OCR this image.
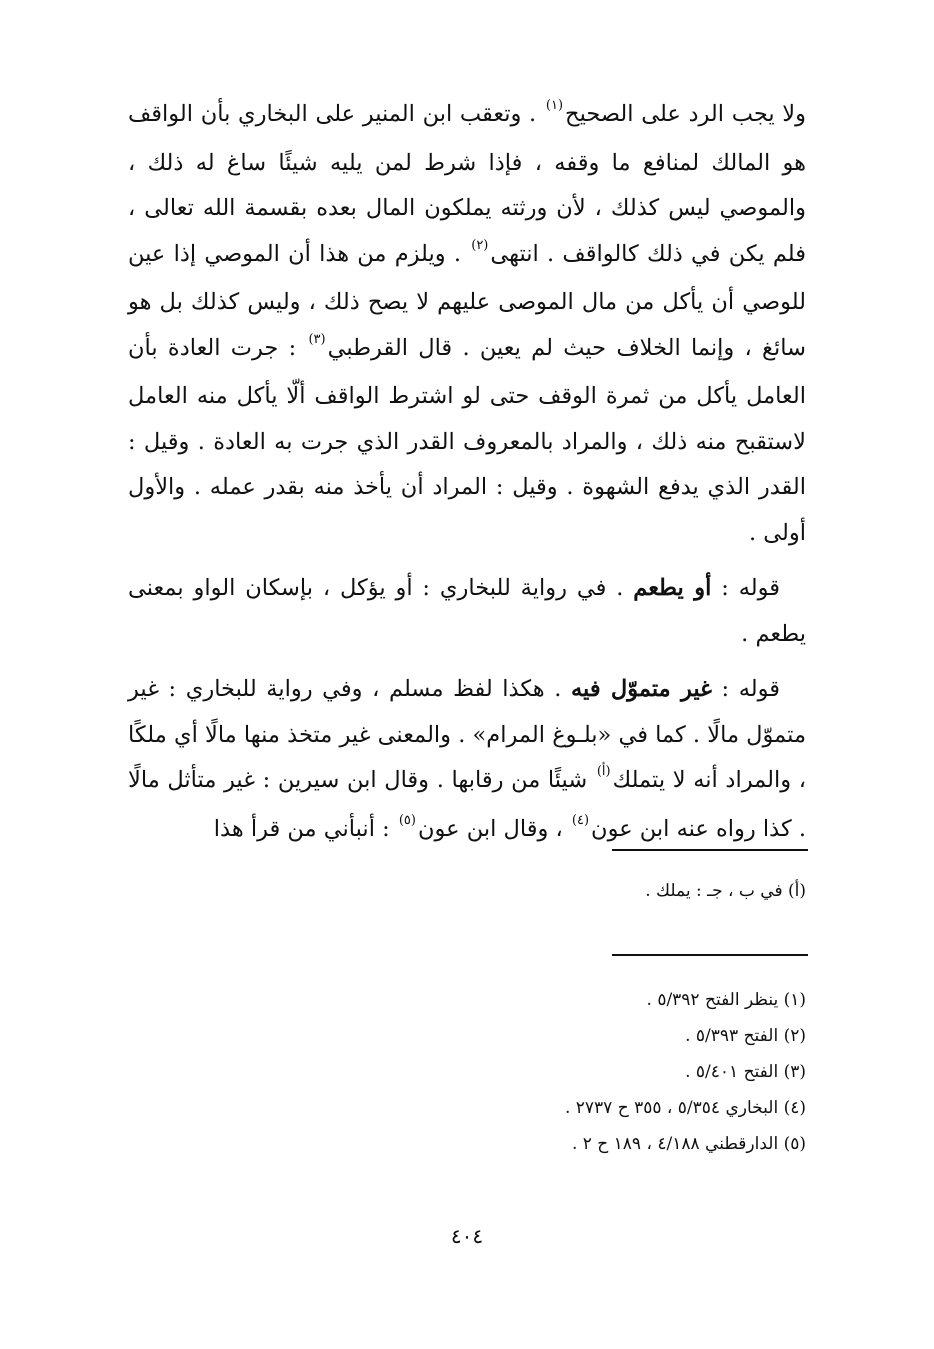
ولا يجب الرد على الصحيح$^{(١)}$ . وتعقب ابن المنير على البخاري بأن الواقف هو المالك لمنافع ما وقفه ، فإذا شرط لمن يليه شيئًا ساغ له ذلك ، والموصي ليس كذلك ، لأن ورثته يملكون المال بعده بقسمة الله تعالى ، فلم يكن في ذلك كالواقف . انتهى$^{(٢)}$ . ويلزم من هذا أن الموصي إذا عين للوصي أن يأكل من مال الموصى عليهم لا يصح ذلك ، وليس كذلك بل هو سائغ ، وإنما الخلاف حيث لم يعين . قال القرطبي$^{(٣)}$ : جرت العادة بأن العامل يأكل من ثمرة الوقف حتى لو اشترط الواقف ألّا يأكل منه العامل لاستقبح منه ذلك ، والمراد بالمعروف القدر الذي جرت به العادة . وقيل : القدر الذي يدفع الشهوة . وقيل : المراد أن يأخذ منه بقدر عمله . والأول أولى .

قوله : أو يطعم . في رواية للبخاري : أو يؤكل ، بإسكان الواو بمعنى يطعم .

قوله : غير متموّل فيه . هكذا لفظ مسلم ، وفي رواية للبخاري : غير متموّل مالًا . كما في «بلـوغ المرام» . والمعنى غير متخذ منها مالًا أي ملكًا ، والمراد أنه لا يتملك$^{(أ)}$ شيئًا من رقابها . وقال ابن سيرين : غير متأثل مالًا . كذا رواه عنه ابن عون$^{(٤)}$ ، وقال ابن عون$^{(٥)}$ : أنبأني من قرأ هذا

(أ) في ب ، جـ : يملك .

(١) ينظر الفتح ٥/٣٩٢ .

(٢) الفتح ٥/٣٩٣ .

(٣) الفتح ٥/٤٠١ .

(٤) البخاري ٥/٣٥٤ ، ٣٥٥ ح ٢٧٣٧ .

(٥) الدارقطني ٤/١٨٨ ، ١٨٩ ح ٢ .

٤٠٤
